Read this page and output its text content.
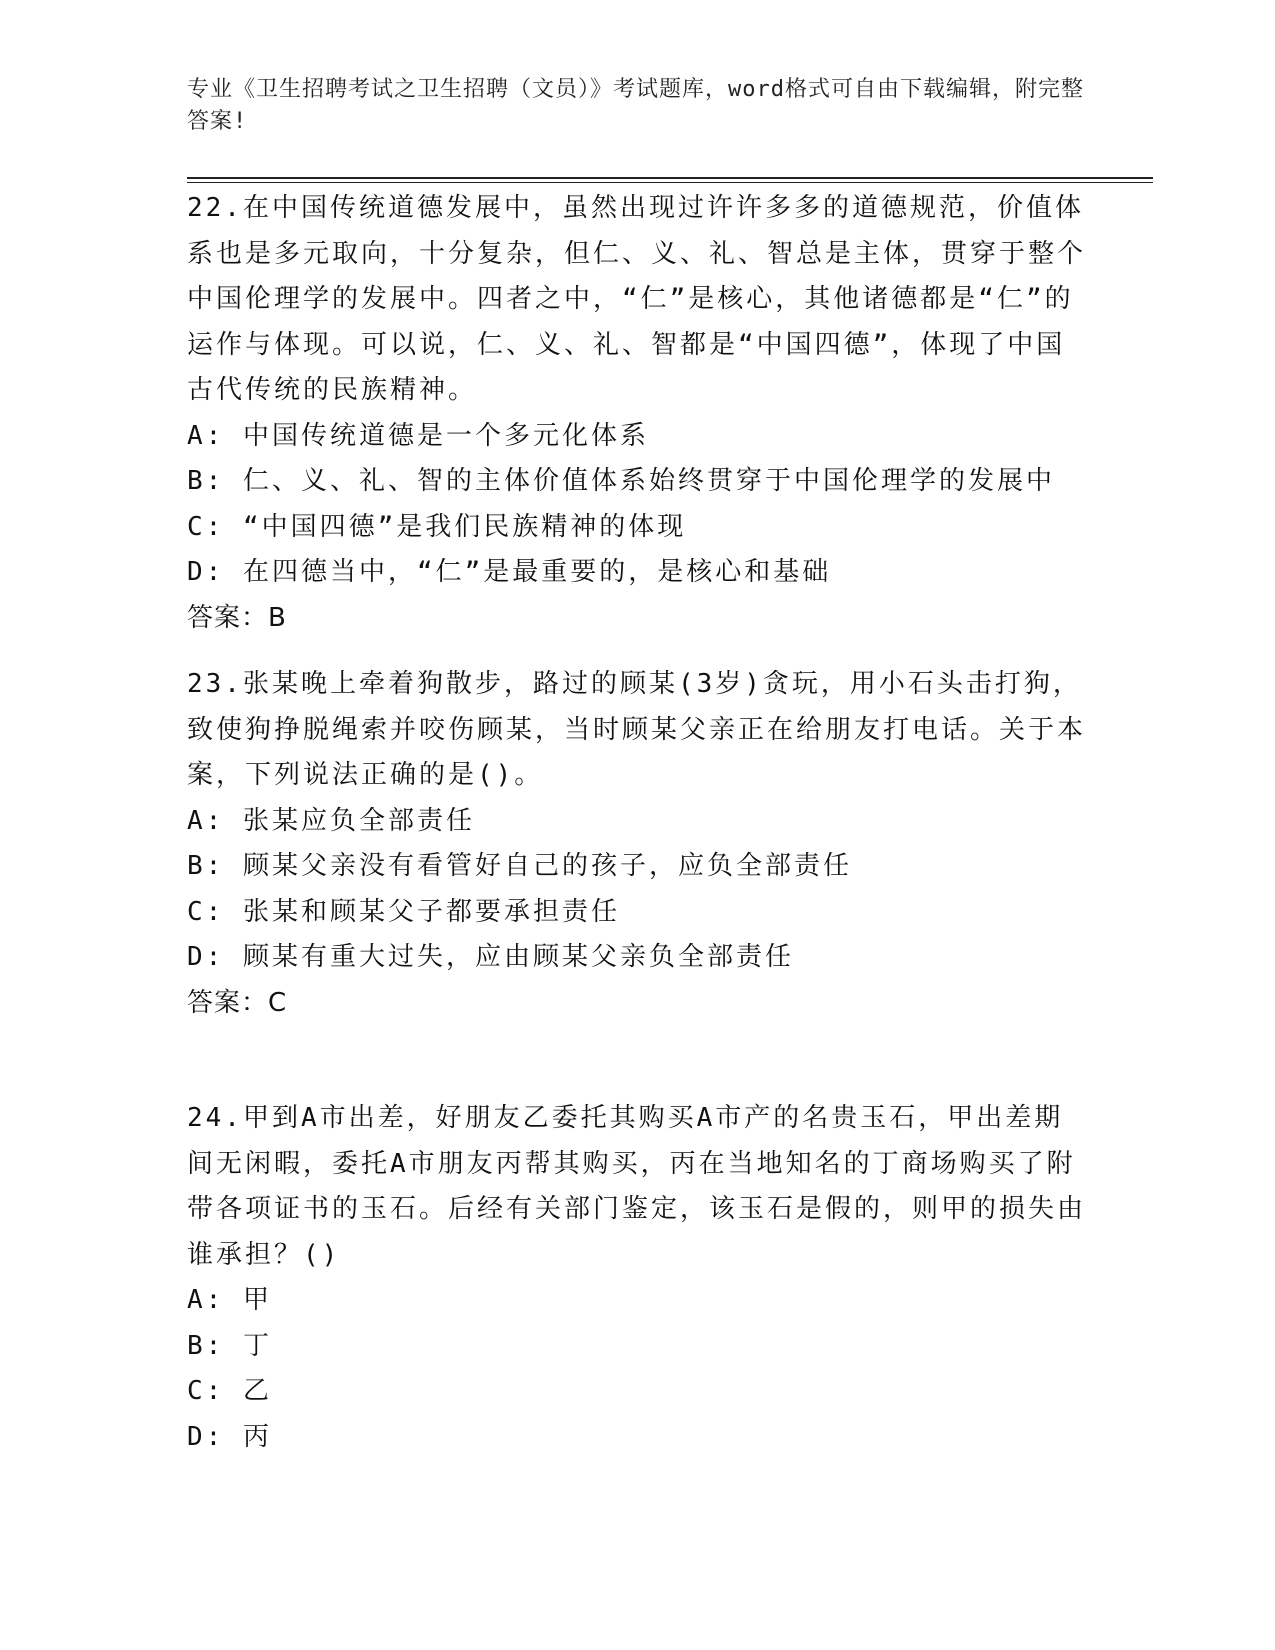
专业《卫生招聘考试之卫生招聘（文员）》考试题库，word格式可自由下载编辑，附完整答案!

22.在中国传统道德发展中，虽然出现过许许多多的道德规范，价值体系也是多元取向，十分复杂，但仁、义、礼、智总是主体，贯穿于整个中国伦理学的发展中。四者之中，“仁”是核心，其他诸德都是“仁”的运作与体现。可以说，仁、义、礼、智都是“中国四德”，体现了中国古代传统的民族精神。

A: 中国传统道德是一个多元化体系

B: 仁、义、礼、智的主体价值体系始终贯穿于中国伦理学的发展中

C: “中国四德”是我们民族精神的体现

D: 在四德当中，“仁”是最重要的，是核心和基础

答案：B

23.张某晚上牵着狗散步，路过的顾某(3岁)贪玩，用小石头击打狗，致使狗挣脱绳索并咬伤顾某，当时顾某父亲正在给朋友打电话。关于本案，下列说法正确的是()。

A: 张某应负全部责任

B: 顾某父亲没有看管好自己的孩子，应负全部责任

C: 张某和顾某父子都要承担责任

D: 顾某有重大过失，应由顾某父亲负全部责任

答案：C

24.甲到A市出差，好朋友乙委托其购买A市产的名贵玉石，甲出差期间无闲暇，委托A市朋友丙帮其购买，丙在当地知名的丁商场购买了附带各项证书的玉石。后经有关部门鉴定，该玉石是假的，则甲的损失由谁承担？()

A: 甲

B: 丁

C: 乙

D: 丙
